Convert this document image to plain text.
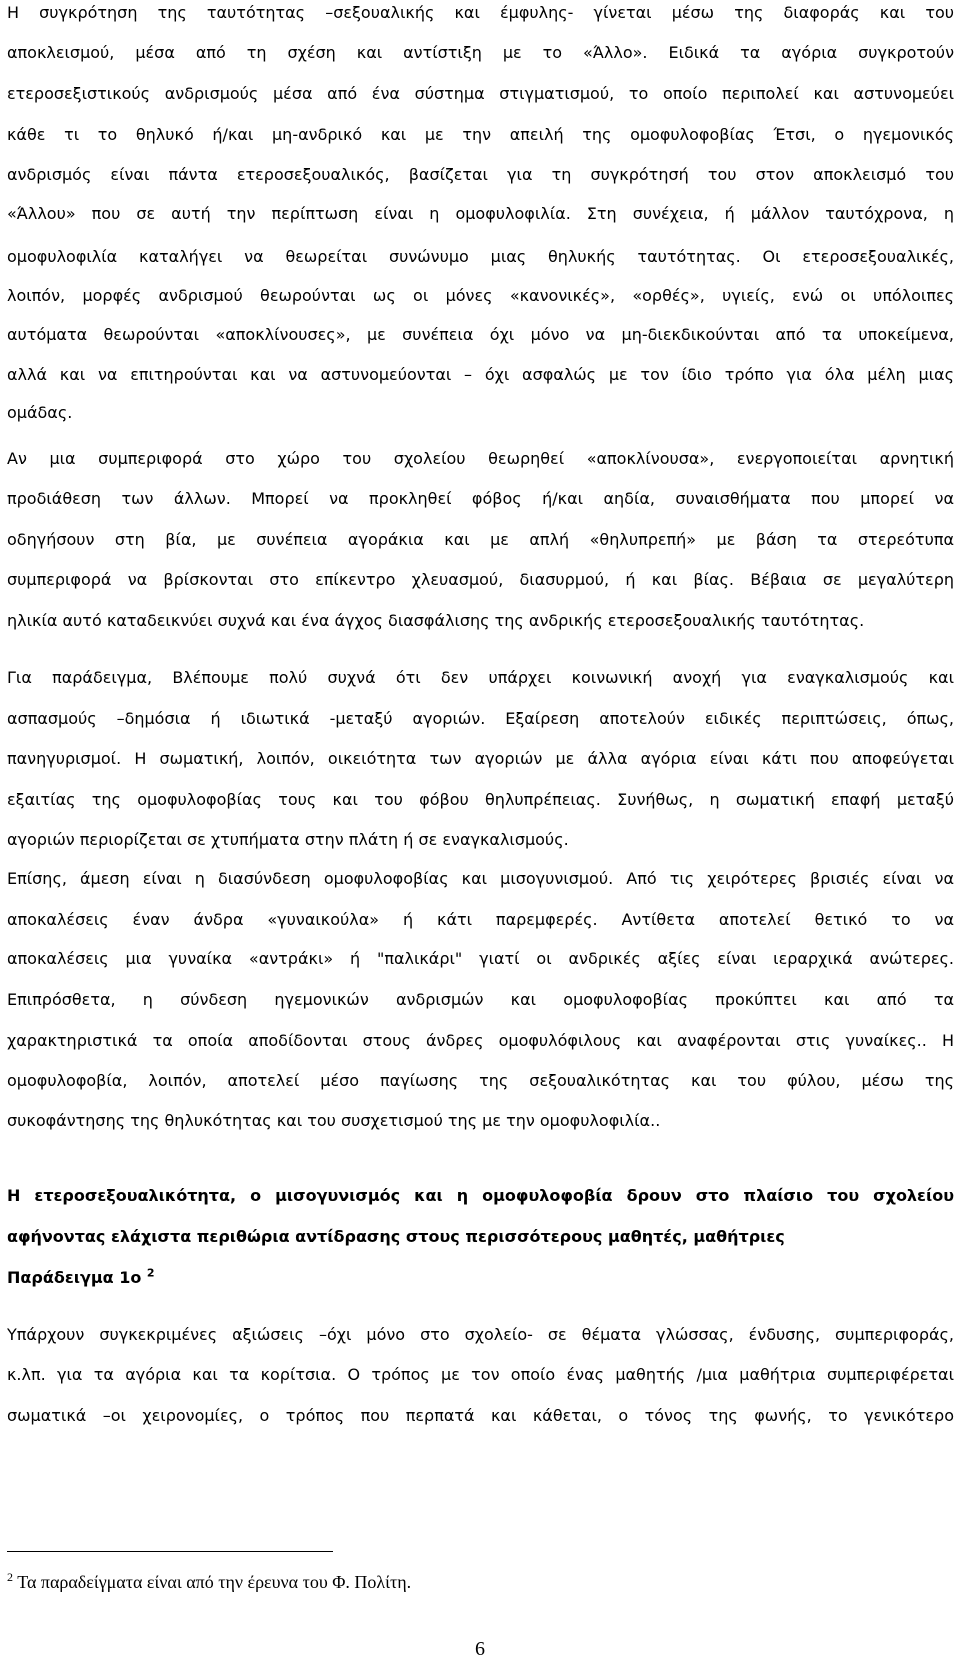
Η συγκρότηση της ταυτότητας –σεξουαλικής και έμφυλης- γίνεται μέσω της διαφοράς και του
αποκλεισμού, μέσα από τη σχέση και αντίστιξη με το «Άλλο». Ειδικά τα αγόρια συγκροτούν
ετεροσεξιστικούς ανδρισμούς μέσα από ένα σύστημα στιγματισμού, το οποίο περιπολεί και αστυνομεύει
κάθε τι το θηλυκό ή/και μη-ανδρικό και με την απειλή της ομοφυλοφοβίας Έτσι, ο ηγεμονικός
ανδρισμός είναι πάντα ετεροσεξουαλικός, βασίζεται για τη συγκρότησή του στον αποκλεισμό του
«Άλλου» που σε αυτή την περίπτωση είναι η ομοφυλοφιλία. Στη συνέχεια, ή μάλλον ταυτόχρονα, η
ομοφυλοφιλία καταλήγει να θεωρείται συνώνυμο μιας θηλυκής ταυτότητας. Οι ετεροσεξουαλικές,
λοιπόν, μορφές ανδρισμού θεωρούνται ως οι μόνες «κανονικές», «ορθές», υγιείς, ενώ οι υπόλοιπες
αυτόματα θεωρούνται «αποκλίνουσες», με συνέπεια όχι μόνο να μη-διεκδικούνται από τα υποκείμενα,
αλλά και να επιτηρούνται και να αστυνομεύονται – όχι ασφαλώς με τον ίδιο τρόπο για όλα μέλη μιας
ομάδας.
Αν μια συμπεριφορά στο χώρο του σχολείου θεωρηθεί «αποκλίνουσα», ενεργοποιείται αρνητική
προδιάθεση των άλλων. Μπορεί να προκληθεί φόβος ή/και αηδία, συναισθήματα που μπορεί να
οδηγήσουν στη βία, με συνέπεια αγοράκια και με απλή «θηλυπρεπή» με βάση τα στερεότυπα
συμπεριφορά να βρίσκονται στο επίκεντρο χλευασμού, διασυρμού, ή και βίας. Βέβαια σε μεγαλύτερη
ηλικία αυτό καταδεικνύει συχνά και ένα άγχος διασφάλισης της ανδρικής ετεροσεξουαλικής ταυτότητας.
Για παράδειγμα, Βλέπουμε πολύ συχνά ότι δεν υπάρχει κοινωνική ανοχή για εναγκαλισμούς και
ασπασμούς –δημόσια ή ιδιωτικά -μεταξύ αγοριών. Εξαίρεση αποτελούν ειδικές περιπτώσεις, όπως,
πανηγυρισμοί. Η σωματική, λοιπόν, οικειότητα των αγοριών με άλλα αγόρια είναι κάτι που αποφεύγεται
εξαιτίας της ομοφυλοφοβίας τους και του φόβου θηλυπρέπειας. Συνήθως, η σωματική επαφή μεταξύ
αγοριών περιορίζεται σε χτυπήματα στην πλάτη ή σε εναγκαλισμούς.
Επίσης, άμεση είναι η διασύνδεση ομοφυλοφοβίας και μισογυνισμού. Από τις χειρότερες βρισιές είναι να
αποκαλέσεις έναν άνδρα «γυναικούλα» ή κάτι παρεμφερές. Αντίθετα αποτελεί θετικό το να
αποκαλέσεις μια γυναίκα «αντράκι» ή "παλικάρι" γιατί οι ανδρικές αξίες είναι ιεραρχικά ανώτερες.
Επιπρόσθετα, η σύνδεση ηγεμονικών ανδρισμών και ομοφυλοφοβίας προκύπτει και από τα
χαρακτηριστικά τα οποία αποδίδονται στους άνδρες ομοφυλόφιλους και αναφέρονται στις γυναίκες.. Η
ομοφυλοφοβία, λοιπόν, αποτελεί μέσο παγίωσης της σεξουαλικότητας και του φύλου, μέσω της
συκοφάντησης της θηλυκότητας και του συσχετισμού της με την ομοφυλοφιλία..
Η ετεροσεξουαλικότητα, ο μισογυνισμός και η ομοφυλοφοβία δρουν στο πλαίσιο του σχολείου
αφήνοντας ελάχιστα περιθώρια αντίδρασης στους περισσότερους μαθητές, μαθήτριες
Παράδειγμα 1ο $^2$
Υπάρχουν συγκεκριμένες αξιώσεις –όχι μόνο στο σχολείο- σε θέματα γλώσσας, ένδυσης, συμπεριφοράς,
κ.λπ. για τα αγόρια και τα κορίτσια. Ο τρόπος με τον οποίο ένας μαθητής /μια μαθήτρια συμπεριφέρεται
σωματικά –οι χειρονομίες, ο τρόπος που περπατά και κάθεται, ο τόνος της φωνής, το γενικότερο
$^2$ Τα παραδείγματα είναι από την έρευνα του Φ. Πολίτη.
6
